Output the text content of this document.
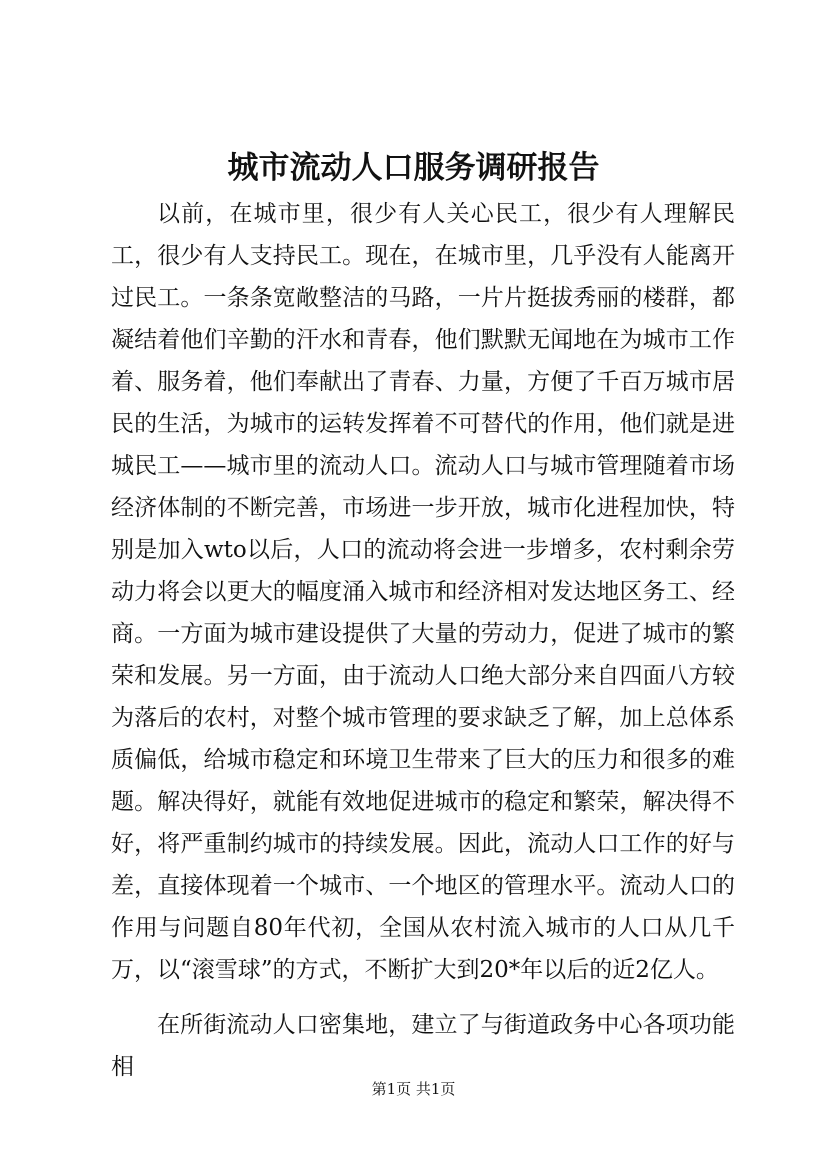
城市流动人口服务调研报告

以前，在城市里，很少有人关心民工，很少有人理解民工，很少有人支持民工。现在，在城市里，几乎没有人能离开过民工。一条条宽敞整洁的马路，一片片挺拔秀丽的楼群，都凝结着他们辛勤的汗水和青春，他们默默无闻地在为城市工作着、服务着，他们奉献出了青春、力量，方便了千百万城市居民的生活，为城市的运转发挥着不可替代的作用，他们就是进城民工——城市里的流动人口。流动人口与城市管理随着市场经济体制的不断完善，市场进一步开放，城市化进程加快，特别是加入wto以后，人口的流动将会进一步增多，农村剩余劳动力将会以更大的幅度涌入城市和经济相对发达地区务工、经商。一方面为城市建设提供了大量的劳动力，促进了城市的繁荣和发展。另一方面，由于流动人口绝大部分来自四面八方较为落后的农村，对整个城市管理的要求缺乏了解，加上总体系质偏低，给城市稳定和环境卫生带来了巨大的压力和很多的难题。解决得好，就能有效地促进城市的稳定和繁荣，解决得不好，将严重制约城市的持续发展。因此，流动人口工作的好与差，直接体现着一个城市、一个地区的管理水平。流动人口的作用与问题自80年代初，全国从农村流入城市的人口从几千万，以“滚雪球”的方式，不断扩大到20*年以后的近2亿人。

在所街流动人口密集地，建立了与街道政务中心各项功能相

第1页 共1页
